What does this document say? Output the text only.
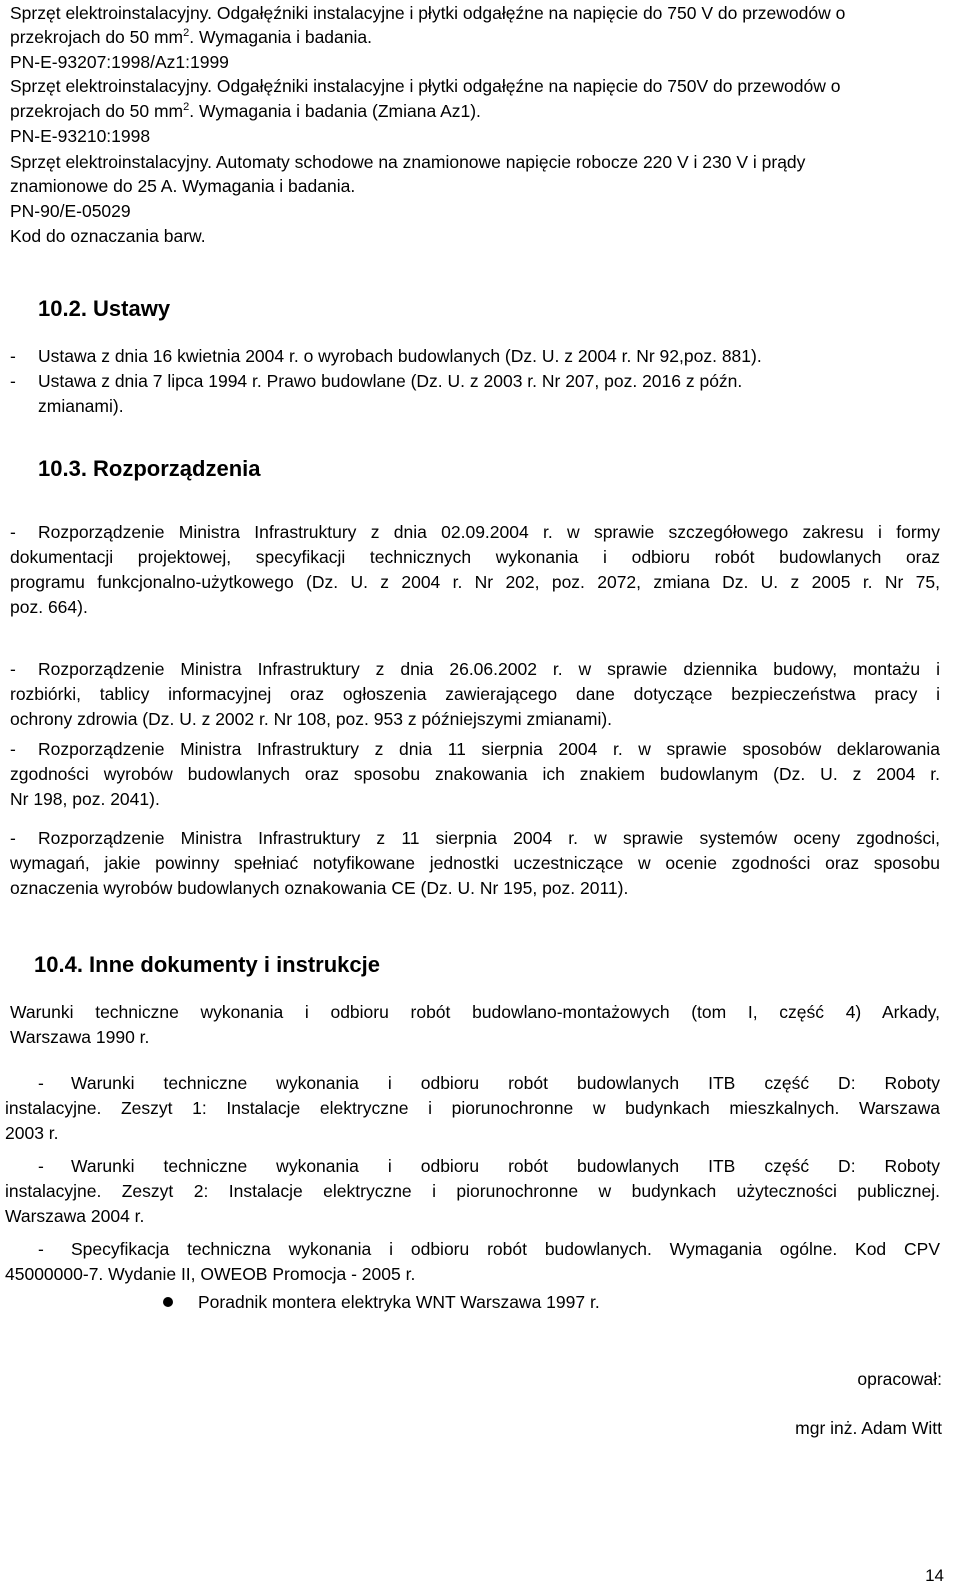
Sprzęt elektroinstalacyjny. Odgałęźniki instalacyjne i płytki odgałęźne na napięcie do 750 V do przewodów o
przekrojach do 50 $mm^2$. Wymagania i badania.
PN-E-93207:1998/Az1:1999
Sprzęt elektroinstalacyjny. Odgałęźniki instalacyjne i płytki odgałęźne na napięcie do 750V do przewodów o
przekrojach do 50 $mm^2$. Wymagania i badania (Zmiana Az1).
PN-E-93210:1998
Sprzęt elektroinstalacyjny. Automaty schodowe na znamionowe napięcie robocze 220 V i 230 V i prądy
znamionowe do 25 A. Wymagania i badania.
PN-90/E-05029
Kod do oznaczania barw.
10.2. Ustawy
- Ustawa z dnia 16 kwietnia 2004 r. o wyrobach budowlanych (Dz. U. z 2004 r. Nr 92,poz. 881).
- Ustawa z dnia 7 lipca 1994 r. Prawo budowlane (Dz. U. z 2003 r. Nr 207, poz. 2016 z późn.
zmianami).
10.3. Rozporządzenia
-	Rozporządzenie Ministra Infrastruktury z dnia 02.09.2004 r. w sprawie szczegółowego zakresu i formy
dokumentacji projektowej, specyfikacji technicznych wykonania i odbioru robót budowlanych oraz
programu funkcjonalno-użytkowego (Dz. U. z 2004 r. Nr 202, poz. 2072, zmiana Dz. U. z 2005 r. Nr 75,
poz. 664).
-	Rozporządzenie Ministra Infrastruktury z dnia 26.06.2002 r. w sprawie dziennika budowy, montażu i
rozbiórki, tablicy informacyjnej oraz ogłoszenia zawierającego dane dotyczące bezpieczeństwa pracy i
ochrony zdrowia (Dz. U. z 2002 r. Nr 108, poz. 953 z późniejszymi zmianami).
-	Rozporządzenie Ministra Infrastruktury z dnia 11 sierpnia 2004 r. w sprawie sposobów deklarowania
zgodności wyrobów budowlanych oraz sposobu znakowania ich znakiem budowlanym (Dz. U. z 2004 r.
Nr 198, poz. 2041).
-	Rozporządzenie Ministra Infrastruktury z 11 sierpnia 2004 r. w sprawie systemów oceny zgodności,
wymagań, jakie powinny spełniać notyfikowane jednostki uczestniczące w ocenie zgodności oraz sposobu
oznaczenia wyrobów budowlanych oznakowania CE (Dz. U. Nr 195, poz. 2011).
10.4. Inne dokumenty i instrukcje
Warunki techniczne wykonania i odbioru robót budowlano-montażowych (tom I, część 4) Arkady,
Warszawa 1990 r.
-	Warunki techniczne wykonania i odbioru robót budowlanych ITB część D: Roboty
instalacyjne. Zeszyt 1: Instalacje elektryczne i piorunochronne w budynkach mieszkalnych. Warszawa
2003 r.
-	Warunki techniczne wykonania i odbioru robót budowlanych ITB część D: Roboty
instalacyjne. Zeszyt 2: Instalacje elektryczne i piorunochronne w budynkach użyteczności publicznej.
Warszawa 2004 r.
-	Specyfikacja techniczna wykonania i odbioru robót budowlanych. Wymagania ogólne. Kod CPV
45000000-7. Wydanie II, OWEOB Promocja - 2005 r.
Poradnik montera elektryka WNT Warszawa 1997 r.
opracował:
mgr inż. Adam Witt
14
